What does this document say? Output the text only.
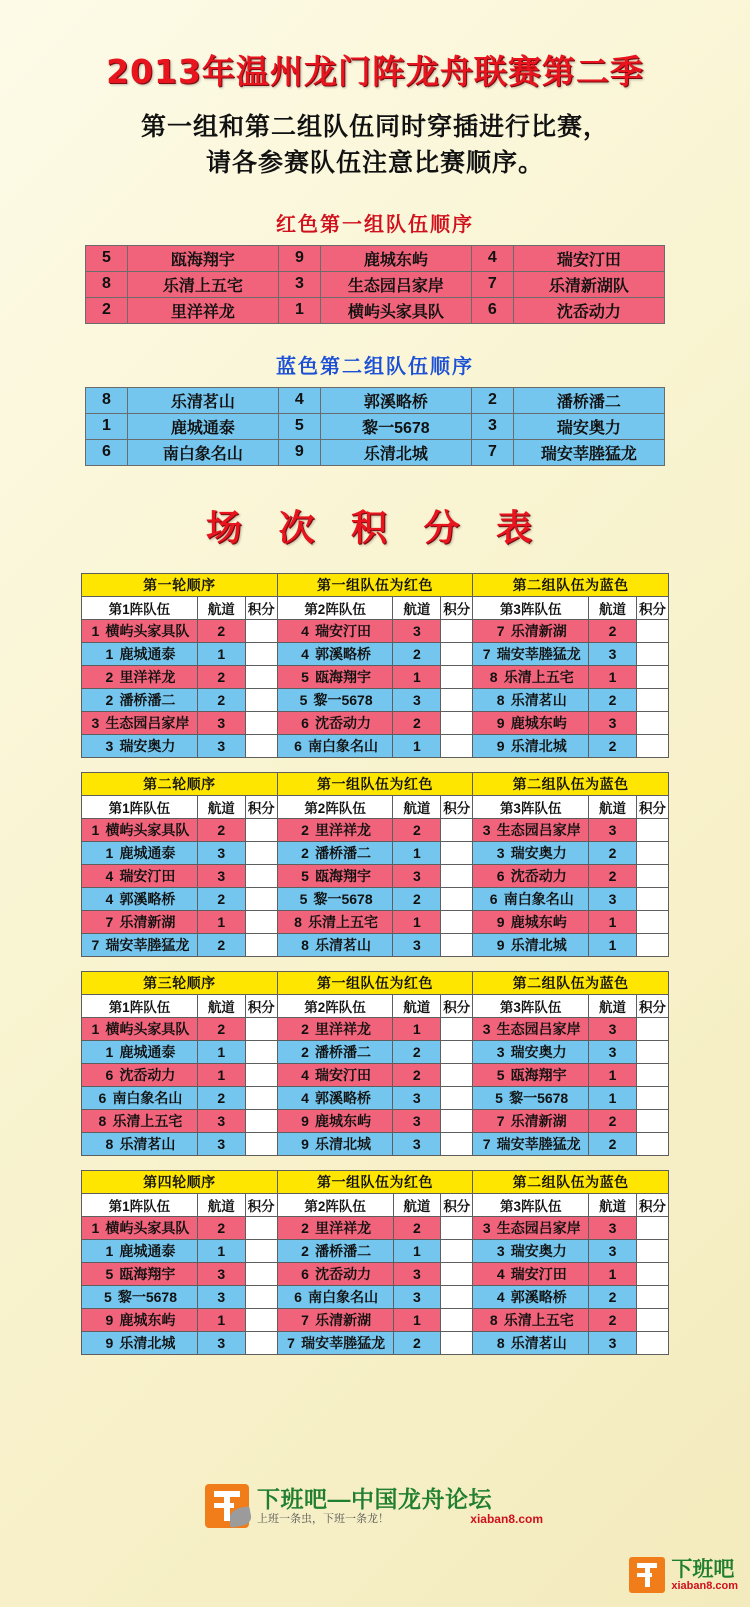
2013年温州龙门阵龙舟联赛第二季
第一组和第二组队伍同时穿插进行比赛，
请各参赛队伍注意比赛顺序。
红色第一组队伍顺序
5	瓯海翔宇	9	鹿城东屿	4	瑞安汀田
8	乐清上五宅	3	生态园吕家岸	7	乐清新湖队
2	里洋祥龙	1	横屿头家具队	6	沈岙动力
蓝色第二组队伍顺序
8	乐清茗山	4	郭溪略桥	2	潘桥潘二
1	鹿城通泰	5	黎一5678	3	瑞安奥力
6	南白象名山	9	乐清北城	7	瑞安莘塍猛龙
场 次 积 分 表
第一轮顺序			第一组队伍为红色			第二组队伍为蓝色		
第1阵队伍	航道	积分	第2阵队伍	航道	积分	第3阵队伍	航道	积分
1 横屿头家具队	2		4 瑞安汀田	3		7 乐清新湖	2	
1 鹿城通泰	1		4 郭溪略桥	2		7 瑞安莘塍猛龙	3	
2 里洋祥龙	2		5 瓯海翔宇	1		8 乐清上五宅	1	
2 潘桥潘二	2		5 黎一5678	3		8 乐清茗山	2	
3 生态园吕家岸	3		6 沈岙动力	2		9 鹿城东屿	3	
3 瑞安奥力	3		6 南白象名山	1		9 乐清北城	2	
第二轮顺序			第一组队伍为红色			第二组队伍为蓝色		
第1阵队伍	航道	积分	第2阵队伍	航道	积分	第3阵队伍	航道	积分
1 横屿头家具队	2		2 里洋祥龙	2		3 生态园吕家岸	3	
1 鹿城通泰	3		2 潘桥潘二	1		3 瑞安奥力	2	
4 瑞安汀田	3		5 瓯海翔宇	3		6 沈岙动力	2	
4 郭溪略桥	2		5 黎一5678	2		6 南白象名山	3	
7 乐清新湖	1		8 乐清上五宅	1		9 鹿城东屿	1	
7 瑞安莘塍猛龙	2		8 乐清茗山	3		9 乐清北城	1	
第三轮顺序			第一组队伍为红色			第二组队伍为蓝色		
第1阵队伍	航道	积分	第2阵队伍	航道	积分	第3阵队伍	航道	积分
1 横屿头家具队	2		2 里洋祥龙	1		3 生态园吕家岸	3	
1 鹿城通泰	1		2 潘桥潘二	2		3 瑞安奥力	3	
6 沈岙动力	1		4 瑞安汀田	2		5 瓯海翔宇	1	
6 南白象名山	2		4 郭溪略桥	3		5 黎一5678	1	
8 乐清上五宅	3		9 鹿城东屿	3		7 乐清新湖	2	
8 乐清茗山	3		9 乐清北城	3		7 瑞安莘塍猛龙	2	
第四轮顺序			第一组队伍为红色			第二组队伍为蓝色		
第1阵队伍	航道	积分	第2阵队伍	航道	积分	第3阵队伍	航道	积分
1 横屿头家具队	2		2 里洋祥龙	2		3 生态园吕家岸	3	
1 鹿城通泰	1		2 潘桥潘二	1		3 瑞安奥力	3	
5 瓯海翔宇	3		6 沈岙动力	3		4 瑞安汀田	1	
5 黎一5678	3		6 南白象名山	3		4 郭溪略桥	2	
9 鹿城东屿	1		7 乐清新湖	1		8 乐清上五宅	2	
9 乐清北城	3		7 瑞安莘塍猛龙	2		8 乐清茗山	3	
下班吧—中国龙舟论坛
上班一条虫，下班一条龙！	xiaban8.com
下班吧
xiaban8.com
